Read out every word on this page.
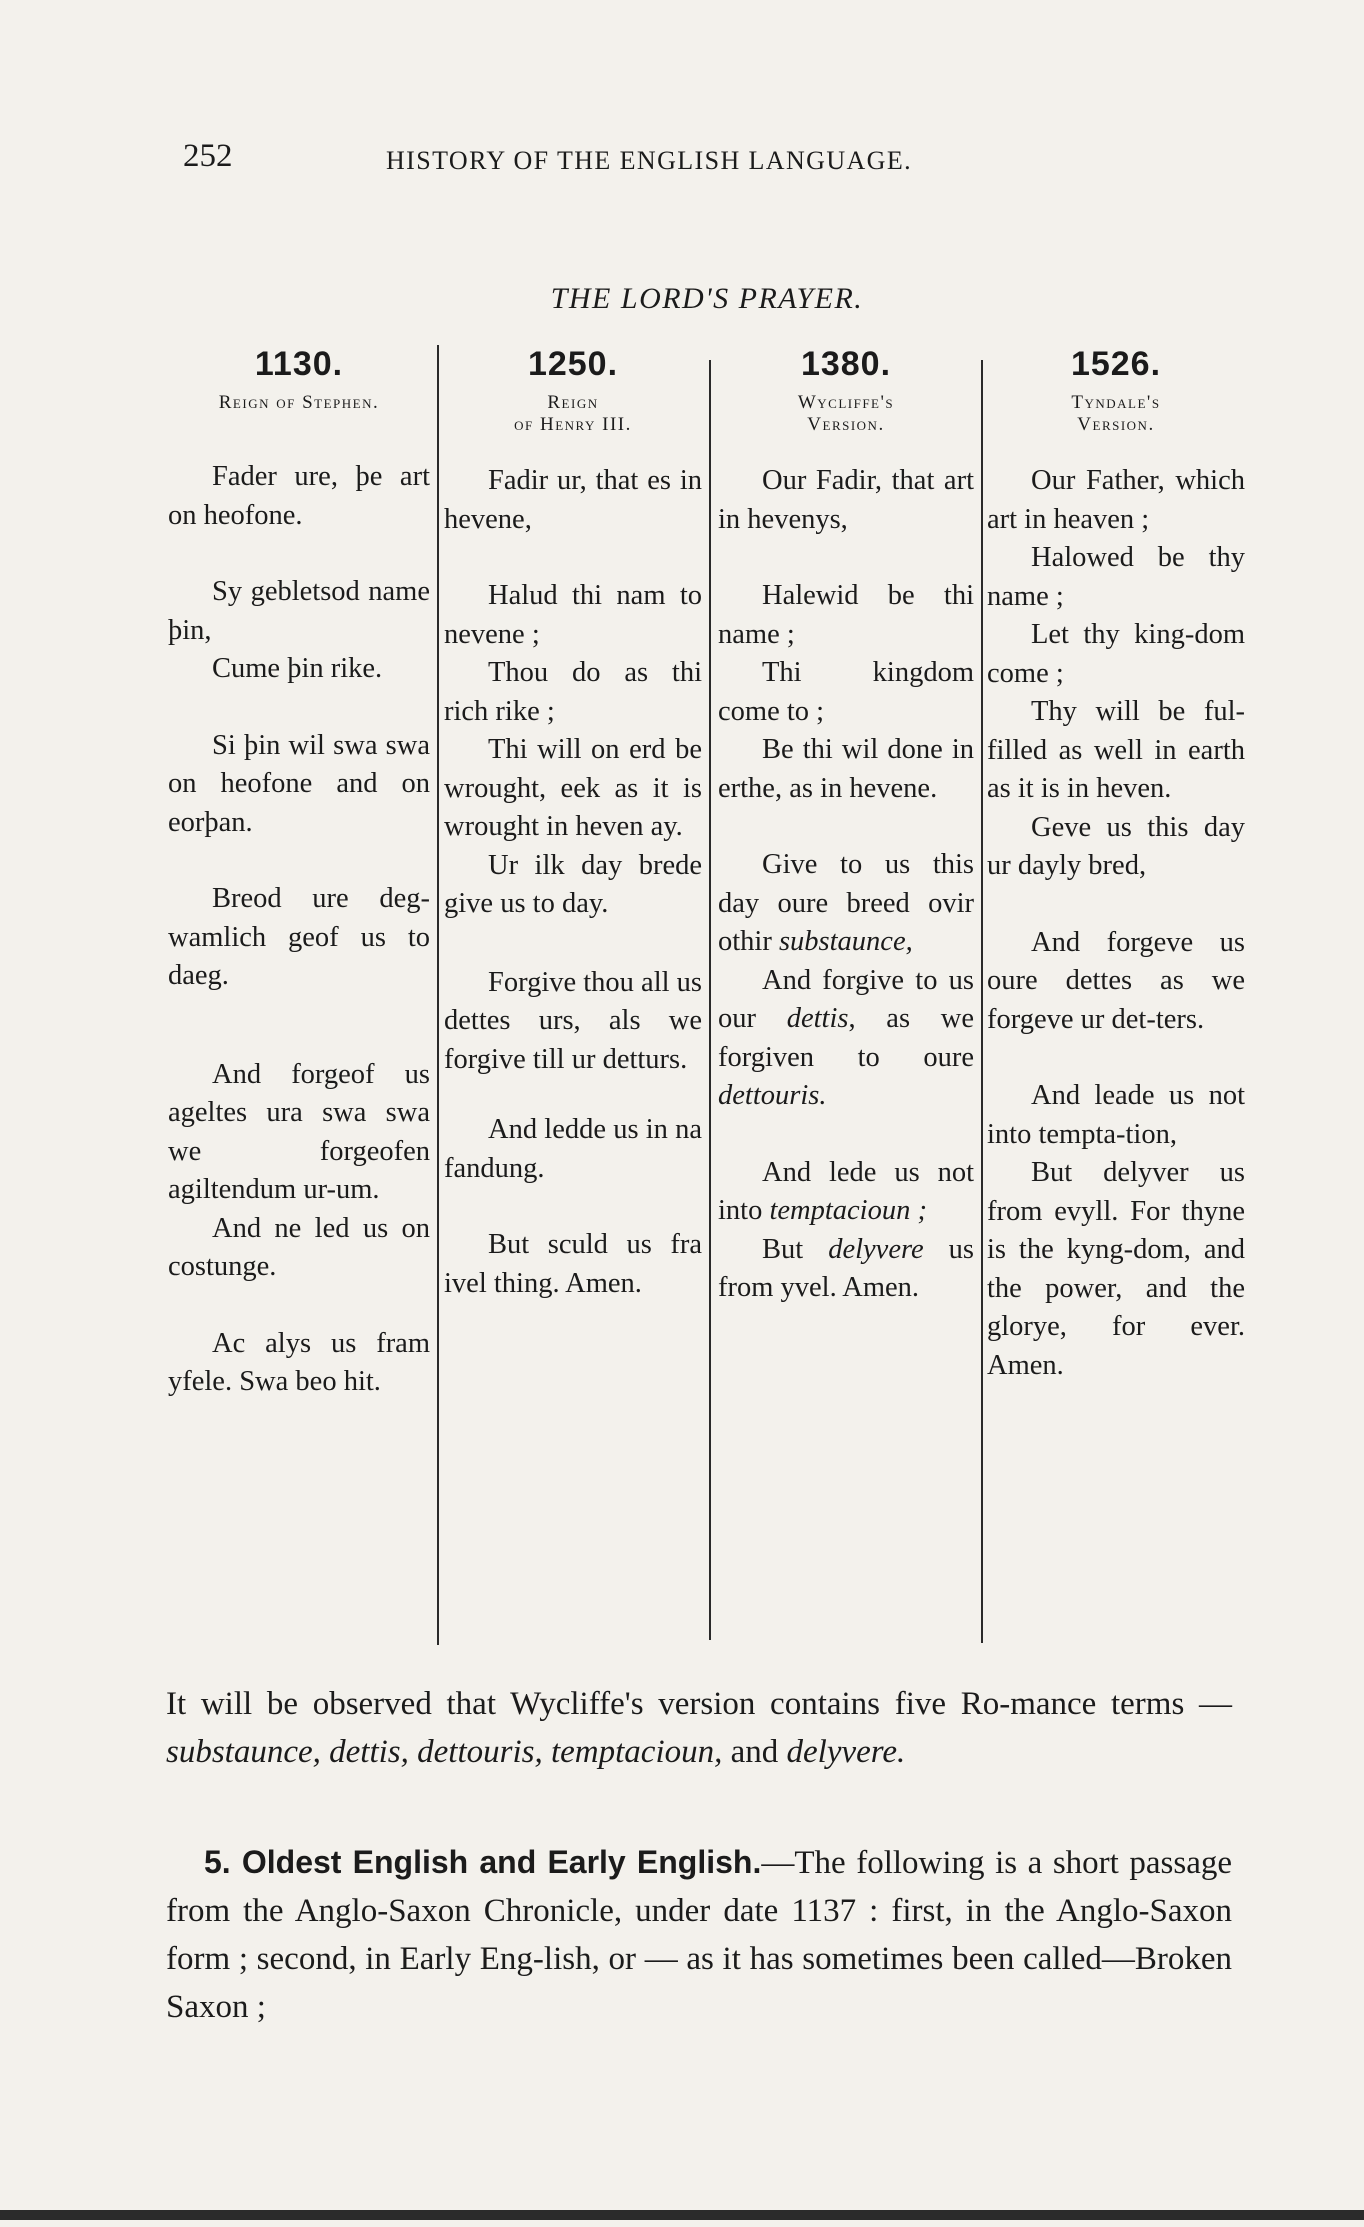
252	HISTORY OF THE ENGLISH LANGUAGE.
THE LORD'S PRAYER.
1130.
Reign of Stephen.
Fader ure, þe art on heofone.
Sy gebletsod name þin,
Cume þin rike.
Si þin wil swa swa on heofone and on eorþan.
Breod ure deg-wamlich geof us to daeg.
And forgeof us ageltes ura swa swa we forgeofen agiltendum ur-um.
And ne led us on costunge.
Ac alys us fram yfele. Swa beo hit.
1250.
Reign
of Henry III.
Fadir ur, that es in hevene,
Halud thi nam to nevene ;
Thou do as thi rich rike ;
Thi will on erd be wrought, eek as it is wrought in heven ay.
Ur ilk day brede give us to day.
Forgive thou all us dettes urs, als we forgive till ur detturs.
And ledde us in na fandung.
But sculd us fra ivel thing. Amen.
1380.
Wycliffe's
Version.
Our Fadir, that art in hevenys,
Halewid be thi name ;
Thi kingdom come to ;
Be thi wil done in erthe, as in hevene.
Give to us this day oure breed ovir othir substaunce,
And forgive to us our dettis, as we forgiven to oure dettouris.
And lede us not into temptacioun ;
But delyvere us from yvel. Amen.
1526.
Tyndale's
Version.
Our Father, which art in heaven ;
Halowed be thy name ;
Let thy king-dom come ;
Thy will be ful-filled as well in earth as it is in heven.
Geve us this day ur dayly bred,
And forgeve us oure dettes as we forgeve ur det-ters.
And leade us not into tempta-tion,
But delyver us from evyll. For thyne is the kyng-dom, and the power, and the glorye, for ever. Amen.
It will be observed that Wycliffe's version contains five Ro-mance terms — substaunce, dettis, dettouris, temptacioun, and delyvere.
5. Oldest English and Early English.—The following is a short passage from the Anglo-Saxon Chronicle, under date 1137 : first, in the Anglo-Saxon form ; second, in Early Eng-lish, or — as it has sometimes been called—Broken Saxon ;
